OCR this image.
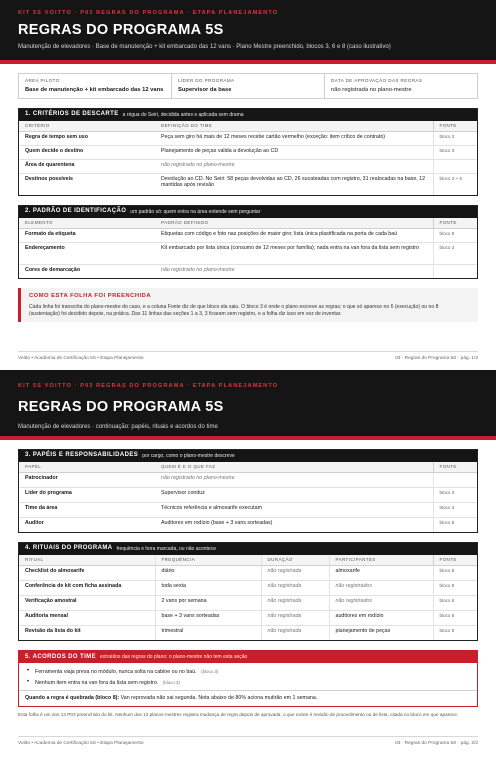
KIT 5S VOITTO · P03 REGRAS DO PROGRAMA · ETAPA PLANEJAMENTO
REGRAS DO PROGRAMA 5S
Manutenção de elevadores · Base de manutenção + kit embarcado das 12 vans · Plano Mestre preenchido, blocos 3, 6 e 8 (caso ilustrativo)
ÁREA PILOTO
Base de manutenção + kit embarcado das 12 vans
LÍDER DO PROGRAMA
Supervisor da base
DATA DE APROVAÇÃO DAS REGRAS
não registrada no plano-mestre
1. CRITÉRIOS DE DESCARTE a régua do Seiri, decidida antes e aplicada sem drama
CRITÉRIO	DEFINIÇÃO DO TIME	FONTE
Regra de tempo sem uso	Peça sem giro há mais de 12 meses recebe cartão vermelho (exceção: item crítico de contrato)	bloco 3
Quem decide o destino	Planejamento de peças valida a devolução ao CD	bloco 3
Área de quarentena	não registrado no plano-mestre	
Destinos possíveis	Devolução ao CD. No Seiri: 58 peças devolvidas ao CD, 26 sucateadas com registro, 31 realocadas na base, 12 mantidas após revisão	bloco 3 + 6
2. PADRÃO DE IDENTIFICAÇÃO um padrão só: quem entra na área entende sem perguntar
ELEMENTO	PADRÃO DEFINIDO	FONTE
Formato da etiqueta	Etiquetas com código e foto nas posições de maior giro; lista única plastificada na porta de cada baú	bloco 8
Endereçamento	Kit embarcado por lista única (consumo de 12 meses por família); nada entra na van fora da lista sem registro	bloco 3
Cores de demarcação	não registrado no plano-mestre	
COMO ESTA FOLHA FOI PREENCHIDA
Cada linha foi transcrita do plano-mestre do caso, e a coluna Fonte diz de que bloco ela saiu. O bloco 3 é onde o plano escreve as regras; o que só aparece no 6 (execução) ou no 8 (sustentação) foi decidido depois, na prática. Das 11 linhas das seções 1 a 3, 3 ficaram sem registro, e a folha diz isso em vez de inventar.
Voitto • Academia de Certificação 5S • Etapa Planejamento	03 · Regras do Programa 5S · pág. 1/2
KIT 5S VOITTO · P03 REGRAS DO PROGRAMA · ETAPA PLANEJAMENTO
REGRAS DO PROGRAMA 5S
Manutenção de elevadores · continuação: papéis, rituais e acordos do time
3. PAPÉIS E RESPONSABILIDADES por cargo, como o plano-mestre descreve
PAPEL	QUEM É E O QUE FAZ	FONTE
Patrocinador	não registrado no plano-mestre	
Líder do programa	Supervisor conduz	bloco 3
Time da área	Técnicos referência e almoxarife executam	bloco 3
Auditor	Auditores em rodízio (base + 3 vans sorteadas)	bloco 8
4. RITUAIS DO PROGRAMA frequência e hora marcada, ou não acontece
RITUAL	FREQUÊNCIA	DURAÇÃO	PARTICIPANTES	FONTE
Checklist do almoxarife	diário	não registrada	almoxarife	bloco 8
Conferência de kit com ficha assinada	toda sexta	não registrada	não registrados	bloco 8
Verificação amostral	2 vans por semana	não registrada	não registrados	bloco 6
Auditoria mensal	base + 3 vans sorteadas	não registrada	auditores em rodízio	bloco 8
Revisão da lista do kit	trimestral	não registrada	planejamento de peças	bloco 8
5. ACORDOS DO TIME extraídos das regras do plano: o plano-mestre não tem esta seção
• Ferramenta viaja presa no módulo, nunca solta na cabine ou no baú. (bloco 3)
• Nenhum item entra na van fora da lista sem registro. (bloco 3)
Quando a regra é quebrada (bloco 8): Van reprovada não sai segunda. Nota abaixo de 80% aciona mutirão em 1 semana.
Esta folha é um dos 13 P03 preenchido do kit. Nenhum dos 13 planos-mestres registra mudança de regra depois de aprovada; o que existe é revisão de procedimento ou de lista, citada no bloco em que aparece.
Voitto • Academia de Certificação 5S • Etapa Planejamento	03 · Regras do Programa 5S · pág. 2/2
